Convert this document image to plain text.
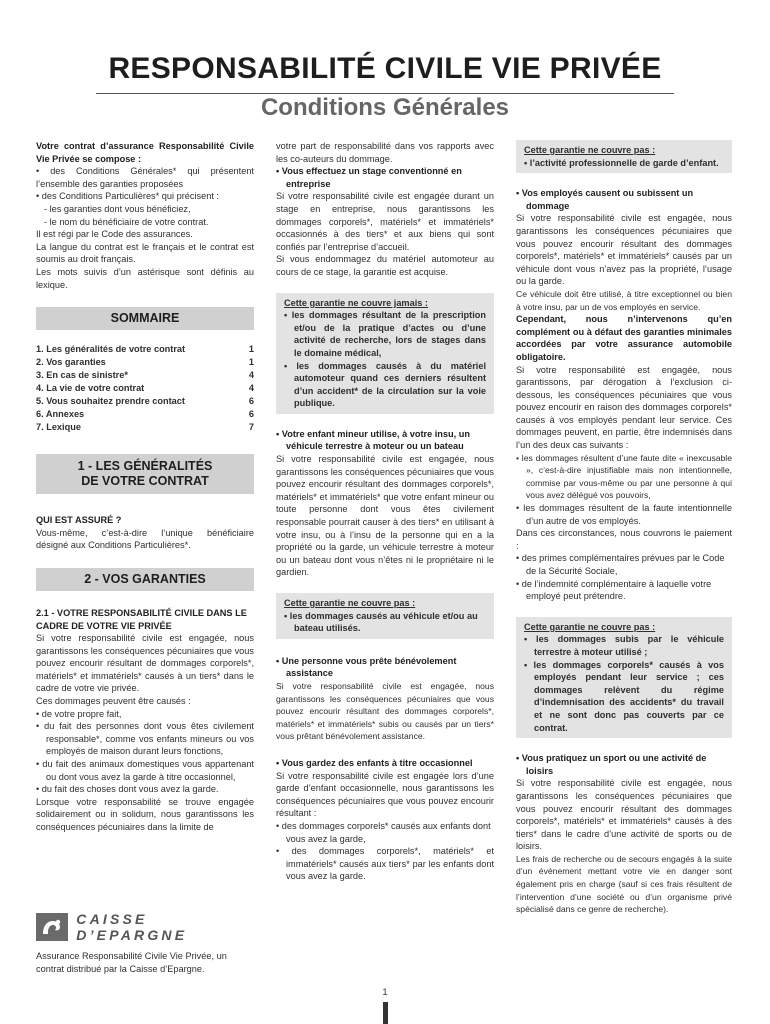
RESPONSABILITÉ CIVILE VIE PRIVÉE
Conditions Générales

Votre contrat d’assurance Responsabilité Civile Vie Privée se compose :

• des Conditions Générales* qui présentent l’ensemble des garanties proposées

• des Conditions Particulières* qui précisent :

- les garanties dont vous bénéficiez,

- le nom du bénéficiaire de votre contrat.

Il est régi par le Code des assurances.

La langue du contrat est le français et le contrat est soumis au droit français.

Les mots suivis d’un astérisque sont définis au lexique.

SOMMAIRE
1. Les généralités de votre contrat	1
2. Vos garanties	1
3. En cas de sinistre*	4
4. La vie de votre contrat	4
5. Vous souhaitez prendre contact	6
6. Annexes	6
7. Lexique	7
1 - LES GÉNÉRALITÉS
DE VOTRE CONTRAT

QUI EST ASSURÉ ?

Vous-même, c’est-à-dire l’unique bénéficiaire désigné aux Conditions Particulières*.

2 - VOS GARANTIES

2.1 - VOTRE RESPONSABILITÉ CIVILE DANS LE CADRE DE VOTRE VIE PRIVÉE

Si votre responsabilité civile est engagée, nous garantissons les conséquences pécuniaires que vous pouvez encourir résultant de dommages corporels*, matériels* et immatériels* causés à un tiers* dans le cadre de votre vie privée.

Ces dommages peuvent être causés :

• de votre propre fait,

• du fait des personnes dont vous êtes civilement responsable*, comme vos enfants mineurs ou vos employés de maison durant leurs fonctions,

• du fait des animaux domestiques vous appartenant ou dont vous avez la garde à titre occasionnel,

• du fait des choses dont vous avez la garde.

Lorsque votre responsabilité se trouve engagée solidairement ou in solidum, nous garantissons les conséquences pécuniaires dans la limite de

votre part de responsabilité dans vos rapports avec les co-auteurs du dommage.

• Vous effectuez un stage conventionné en entreprise

Si votre responsabilité civile est engagée durant un stage en entreprise, nous garantissons les dommages corporels*, matériels* et immatériels* occasionnés à des tiers* et aux biens qui sont confiés par l’entreprise d’accueil.

Si vous endommagez du matériel automoteur au cours de ce stage, la garantie est acquise.

Cette garantie ne couvre jamais :

• les dommages résultant de la prescription et/ou de la pratique d’actes ou d’une activité de recherche, lors de stages dans le domaine médical,

• les dommages causés à du matériel automoteur quand ces derniers résultent d’un accident* de la circulation sur la voie publique.

• Votre enfant mineur utilise, à votre insu, un véhicule terrestre à moteur ou un bateau

Si votre responsabilité civile est engagée, nous garantissons les conséquences pécuniaires que vous pouvez encourir résultant des dommages corporels*, matériels* et immatériels* que votre enfant mineur ou toute personne dont vous êtes civilement responsable pourrait causer à des tiers* en utilisant à votre insu, ou à l’insu de la personne qui en a la propriété ou la garde, un véhicule terrestre à moteur ou un bateau dont vous n’êtes ni le propriétaire ni le gardien.

Cette garantie ne couvre pas :

• les dommages causés au véhicule et/ou au bateau utilisés.

• Une personne vous prête bénévolement assistance

Si votre responsabilité civile est engagée, nous garantissons les conséquences pécuniaires que vous pouvez encourir résultant des dommages corporels*, matériels* et immatériels* subis ou causés par un tiers* vous prêtant bénévolement assistance.

• Vous gardez des enfants à titre occasionnel

Si votre responsabilité civile est engagée lors d’une garde d’enfant occasionnelle, nous garantissons les conséquences pécuniaires que vous pouvez encourir résultant :

• des dommages corporels* causés aux enfants dont vous avez la garde,

• des dommages corporels*, matériels* et immatériels* causés aux tiers* par les enfants dont vous avez la garde.

Cette garantie ne couvre pas :

• l’activité professionnelle de garde d’enfant.

• Vos employés causent ou subissent un dommage

Si votre responsabilité civile est engagée, nous garantissons les conséquences pécuniaires que vous pouvez encourir résultant des dommages corporels*, matériels* et immatériels* causés par un véhicule dont vous n’avez pas la propriété, l’usage ou la garde.

Ce véhicule doit être utilisé, à titre exceptionnel ou bien à votre insu, par un de vos employés en service.

Cependant, nous n’intervenons qu’en complément ou à défaut des garanties minimales accordées par votre assurance automobile obligatoire.

Si votre responsabilité est engagée, nous garantissons, par dérogation à l’exclusion ci-dessous, les conséquences pécuniaires que vous pouvez encourir en raison des dommages corporels* causés à vos employés pendant leur service. Ces dommages peuvent, en partie, être indemnisés dans l’un des deux cas suivants :

• les dommages résultent d’une faute dite « inexcusable », c’est-à-dire injustifiable mais non intentionnelle, commise par vous-même ou par une personne à qui vous avez délégué vos pouvoirs,

• les dommages résultent de la faute intentionnelle d’un autre de vos employés.

Dans ces circonstances, nous couvrons le paiement :

• des primes complémentaires prévues par le Code de la Sécurité Sociale,

• de l’indemnité complémentaire à laquelle votre employé peut prétendre.

Cette garantie ne couvre pas :

• les dommages subis par le véhicule terrestre à moteur utilisé ;

• les dommages corporels* causés à vos employés pendant leur service ; ces dommages relèvent du régime d’indemnisation des accidents* du travail et ne sont donc pas couverts par ce contrat.

• Vous pratiquez un sport ou une activité de loisirs

Si votre responsabilité civile est engagée, nous garantissons les conséquences pécuniaires que vous pouvez encourir résultant des dommages corporels*, matériels* et immatériels* causés à des tiers* dans le cadre d’une activité de sports ou de loisirs.

Les frais de recherche ou de secours engagés à la suite d’un événement mettant votre vie en danger sont également pris en charge (sauf si ces frais résultent de l’intervention d’une société ou d’un organisme privé spécialisé dans ce genre de recherche).

CAISSE D’EPARGNE
Assurance Responsabilité Civile Vie Privée, un contrat distribué par la Caisse d’Epargne.
1
